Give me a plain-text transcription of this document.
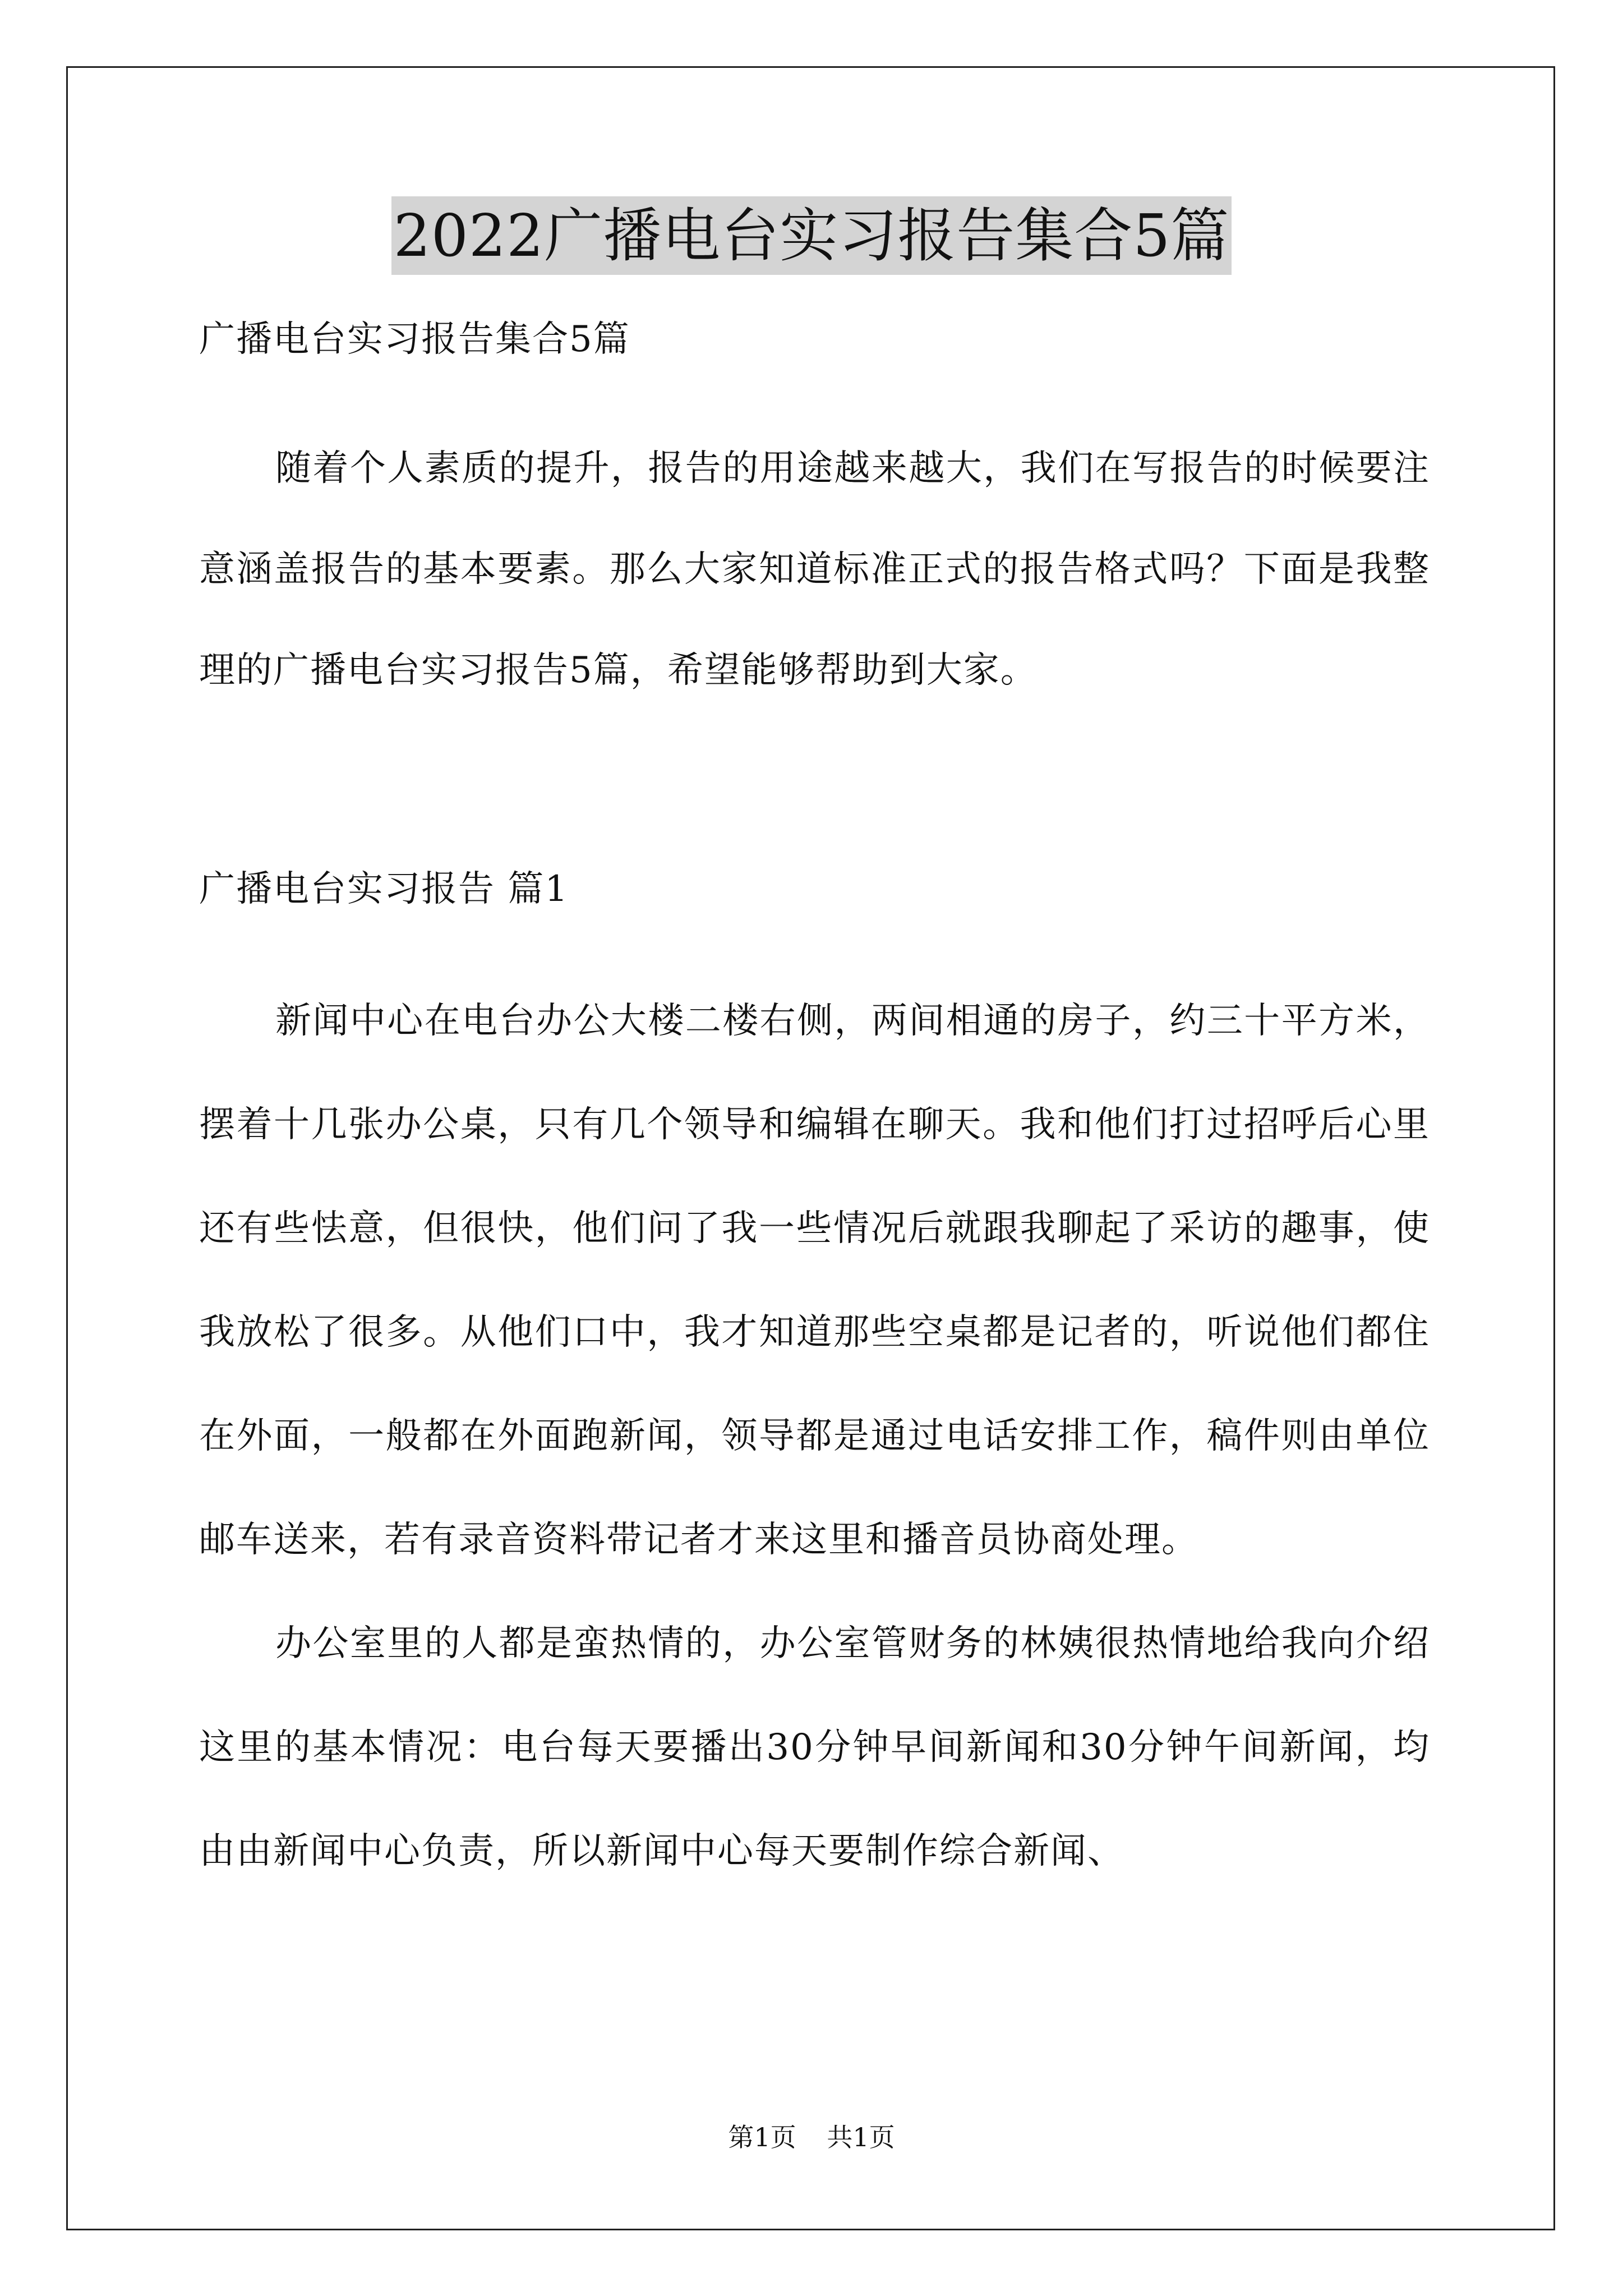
2022广播电台实习报告集合5篇

广播电台实习报告集合5篇

随着个人素质的提升，报告的用途越来越大，我们在写报告的时候要注意涵盖报告的基本要素。那么大家知道标准正式的报告格式吗？下面是我整理的广播电台实习报告5篇，希望能够帮助到大家。

广播电台实习报告 篇1

新闻中心在电台办公大楼二楼右侧，两间相通的房子，约三十平方米，摆着十几张办公桌，只有几个领导和编辑在聊天。我和他们打过招呼后心里还有些怯意，但很快，他们问了我一些情况后就跟我聊起了采访的趣事，使我放松了很多。从他们口中，我才知道那些空桌都是记者的，听说他们都住在外面，一般都在外面跑新闻，领导都是通过电话安排工作，稿件则由单位邮车送来，若有录音资料带记者才来这里和播音员协商处理。

办公室里的人都是蛮热情的，办公室管财务的林姨很热情地给我向介绍这里的基本情况：电台每天要播出30分钟早间新闻和30分钟午间新闻，均由由新闻中心负责，所以新闻中心每天要制作综合新闻、

第1页 共1页
